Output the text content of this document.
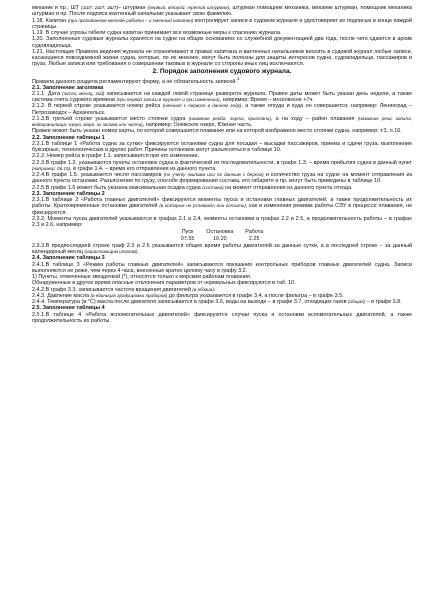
механик и пр.; ШТ (1ШТ, 2ШТ, 3ШТ)– штурман (первый, второй, третий штурман), штурман помощник механика, механик штурман, помощник механика штурман и пр. После подписи вахтенный начальник указывает свою фамилию.

1.18. Капитан (при прогаданном методе работы – и сменный капитан) контролирует записи в судовом журнале и удостоверяет их подписью в конце каждой страницы.

1.19. В случае угрозы гибели судна капитан принимает все возможные меры к спасению журнала.

1.20. Заполненные судовые журналы хранятся на судне на общих основаниях со служебной документацией два года, после чего сдаются в архив судовладельца.

1.21. Настоящие Правила ведения журнала не ограничивают в правах капитана и вахтенных начальников вносить в судовой журнал любые записи, касающиеся повседневной жизни судна, которые, по их мнению, могут быть полезны для защиты интересов судна, судовладельца, пассажиров и груза. Любые записи или требования о совершении таковых в журнале со стороны иных лиц исключаются.

2. Порядок заполнения судового журнала.

Правила данного раздела регламентируют форму, а не обязательность записей.$^1$

2.1. Заполнение заголовка

2.1.1. Дата (число, месяц, год) записывается на каждой левой странице разворота журнала. Правее даты может быть указан день недели, а также система счета судового времени (при первой записи в журнале и при изменении), например: Время – московское +7ч.

2.1.2. В первой строке указывается номер рейса (начиная с первого в данном году), а также откуда и куда он совершается, например: Ленинград – Петрозаводск – Архангельск.

2.1.3.В третьей строке указывается место стоянки судна (название рейда, порта, пристани), а на ходу – район плавания (название реки, канала, водохранилища, озера, моря, их залива или части), например: Онежское озеро, Южная часть.

Правее может быть указан номер карты, по которой совершается плавание или на которой изображено место стоянки судна, например: т.3, л.16.

2.2. Заполнение таблицы 1

2.2.1.В таблице 1 «Работа судна за сутки» фиксируются остановки судна для посадки – высадки пассажиров, приема и сдачи груза, выполнение буксирных, технологических и других работ. Причины остановок могут разъясняться в таблице 10.

2.2.2. Номер рейса в графе 1.1. записывается при его изменении.

2.2.3.В графе 1.2. указываются пункты остановок судна в фактической их последовательности, в графе 1.3. – время прибытия судна в данный пункт (например: 06.15), в графе 1.4. – время его отправления из данного пункта.

2.2.4.В графе 1.5. указывается число пассажиров (по учету экипажа или по данным с берега) и количество груза на судне на момент отправления из данного пункта остановки. Разъяснения по грузу, способе формирования состава, его габарите и пр. могут быть приведены в таблице 10.

2.2.5.В графе 1.6 может быть указана максимальная осадка судна (состава) на момент отправления из данного пункта отхода.

2.3. Заполнение таблицы 2

2.3.1.В таблице 2 «Работа главных двигателей» фиксируются моменты пуска и остановки главных двигателей, а также продолжительность их работы. Кратковременные остановки двигателей (в которые не успевают они остыть), как и изменения режима работы СЭУ в процессе плавания, не фиксируются.

2.3.2. Моменты пуска двигателей указываются в графах 2.1 и 2.4, моменты остановки в графах 2.2 и 2.5, а продолжительность работы – в графах 2.3 и 2.6, например:

Пуск
07.55
Остановка
10.20
Работа
2.25

2.3.3.В предпоследней строке граф 2.3 и 2.6 указывается общее время работы двигателей за данные сутки, а в последней строке – за данный календарный месяц (нарастающим итогом).

2.4. Заполнение таблицы 3

2.4.1.В таблице 3 «Режим работы главных двигателей» записываются показания контрольных приборов главных двигателей судна. Записи выполняются не реже, чем через 4 часа, внесенные кратно целому часу в графу 3.2.

1) Пункты, отмеченные звездочкой (*), относятся только к морским районам плавания.

Обнаруженные в другое время опасные отклонения параметров от нормальных фиксируются в таб. 10.

2.4.2.В графе 3.3. записывается частота вращения двигателей (в об/мин).

2.4.3. Давление масла (в единицах градуировки приборов) до фильтра указывается в графе 3.4, а после фильтра – в графе 3.5.

2.4.4. Температура (в °С) масла после двигателя записывается в графе 3.6, воды на выходе – в графе 3.7, отходящих газов (общая) – в графе 3.8.

2.5. Заполнение таблицы 4

2.5.1.В таблице 4 «Работа вспомогательных двигателей» фиксируются случаи пуска и остановки вспомогательных двигателей, а также продолжительность их работы.
